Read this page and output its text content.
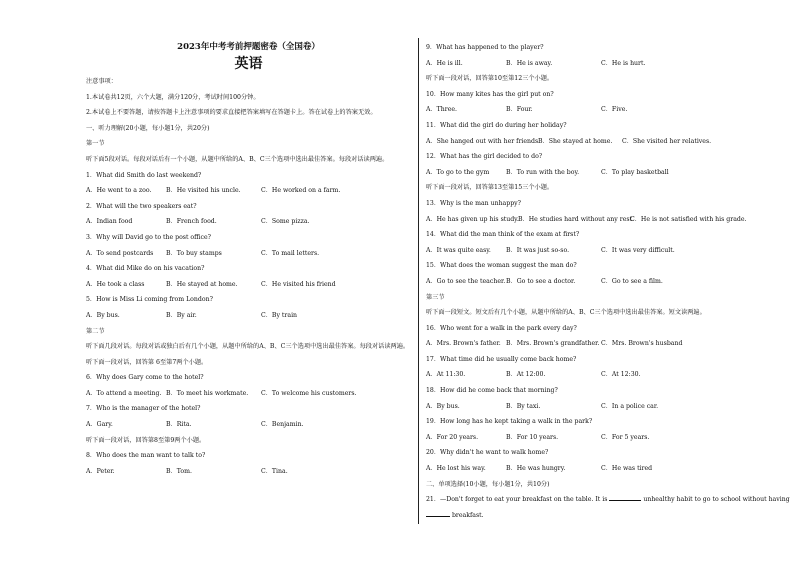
2023年中考考前押题密卷（全国卷）
英语
注意事项：
1.本试卷共12页，六个大题，满分120分，考试时间100分钟。
2.本试卷上不要答题，请按答题卡上注意事项的要求直接把答案填写在答题卡上。答在试卷上的答案无效。
一、听力理解(20小题，每小题1分，共20分)
第一节
听下面5段对话。每段对话后有一个小题，从题中所给的A、B、C三个选项中选出最佳答案。每段对话读两遍。
1．What did Smith do last weekend?
A．He went to a zoo.	B．He visited his uncle.	C．He worked on a farm.
2．What will the two speakers eat?
A．Indian food	B．French food.	C．Some pizza.
3．Why will David go to the post office?
A．To send postcards	B．To buy stamps	C．To mail letters.
4．What did Mike do on his vacation?
A．He took a class	B．He stayed at home.	C．He visited his friend
5．How is Miss Li coming from London?
A．By bus.	B．By air.	C．By train
第二节
听下面几段对话。每段对话或独白后有几个小题，从题中所给的A、B、C三个选项中选出最佳答案。每段对话读两遍。
听下面一段对话，回答第 6至第7两个小题。
6．Why does Gary come to the hotel?
A．To attend a meeting. B．To meet his workmate.	C．To welcome his customers.
7．Who is the manager of the hotel?
A．Gary.	B．Rita.	C．Benjamin.
听下面一段对话，回答第8至第9两个小题。
8．Who does the man want to talk to?
A．Peter.	B．Tom.	C．Tina.
9．What has happened to the player?
A．He is ill.	B．He is away.	C．He is hurt.
听下面一段对话，回答第10至第12三个小题。
10．How many kites has the girl put on?
A．Three.	B．Four.	C．Five.
11．What did the girl do during her holiday?
A．She hanged out with her friends.
B．She stayed at home.	C．She visited her relatives.
12．What has the girl decided to do?
A．To go to the gym	B．To run with the boy.	C．To play basketball
听下面一段对话，回答第13至第15三个小题。
13．Why is the man unhappy?
A．He has given up his study. B．He studies hard without any rest.
C．He is not satisfied with his grade.
14．What did the man think of the exam at first?
A．It was quite easy.	B．It was just so-so.	C．It was very difficult.
15．What does the woman suggest the man do?
A．Go to see the teacher. B．Go to see a doctor.	C．Go to see a film.
第三节
听下面一段短文。短文后有几个小题，从题中所给的A、B、C三个选项中选出最佳答案。短文读两遍。
16．Who went for a walk in the park every day?
A．Mrs. Brown's father. B．Mrs. Brown's grandfather. C．Mrs. Brown's husband
17．What time did he usually come back home?
A．At 11:30.	B．At 12:00.	C．At 12:30.
18．How did he come back that morning?
A．By bus.	B．By taxi.	C．In a police car.
19．How long has he kept taking a walk in the park?
A．For 20 years.	B．For 10 years.	C．For 5 years.
20．Why didn't he want to walk home?
A．He lost his way.	B．He was hungry.	C．He was tired
二、单项选择(10小题，每小题1分，共10分)
21．—Don't forget to eat your breakfast on the table. It is	unhealthy habit to go to school without having
breakfast.
